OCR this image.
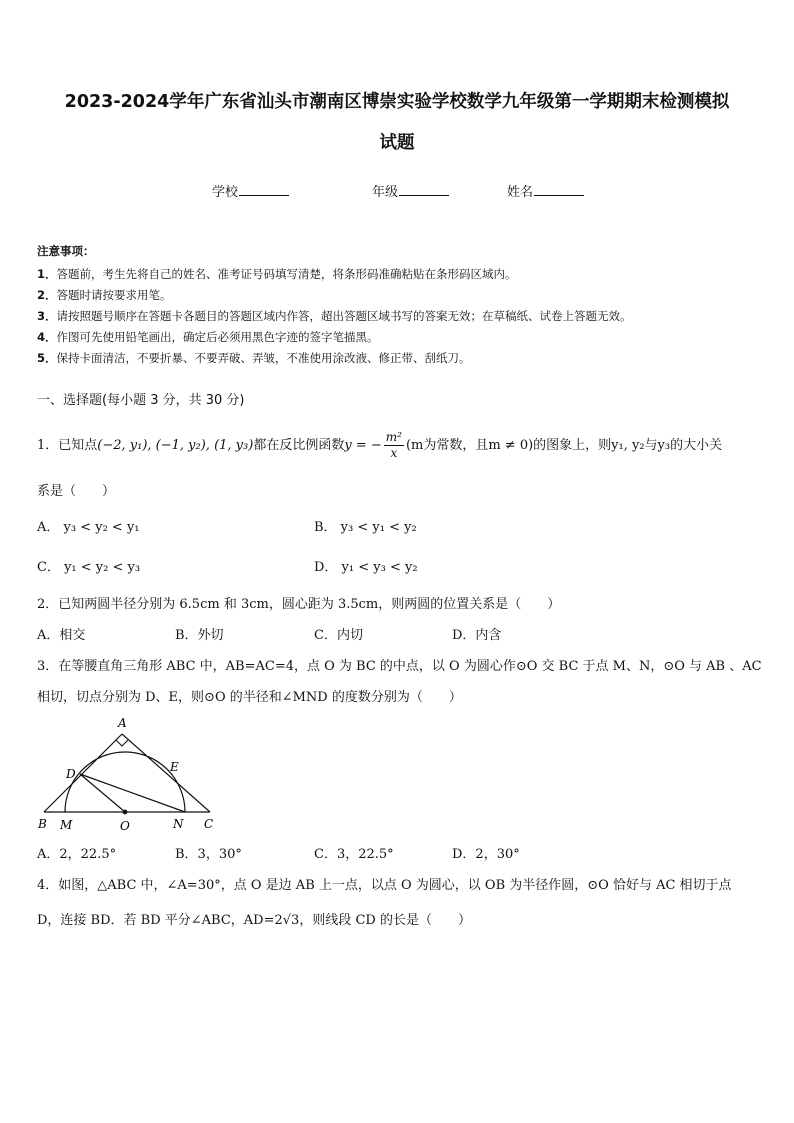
2023-2024学年广东省汕头市潮南区博崇实验学校数学九年级第一学期期末检测模拟
试题
学校	年级	姓名
注意事项：
1．答题前，考生先将自己的姓名、准考证号码填写清楚，将条形码准确粘贴在条形码区域内。
2．答题时请按要求用笔。
3．请按照题号顺序在答题卡各题目的答题区域内作答，超出答题区域书写的答案无效；在草稿纸、试卷上答题无效。
4．作图可先使用铅笔画出，确定后必须用黑色字迹的签字笔描黑。
5．保持卡面清洁，不要折暴、不要弄破、弄皱，不准使用涂改液、修正带、刮纸刀。
一、选择题(每小题 3 分，共 30 分)
1．已知点(−2, y₁), (−1, y₂), (1, y₃)都在反比例函数y = − $\frac{\text{m²}}{x} (m$为常数，且m ≠ 0)的图象上，则y₁, y₂与y₃的大小关
系是（　　）
A． y₃ < y₂ < y₁	B． y₃ < y₁ < y₂
C． y₁ < y₂ < y₃	D． y₁ < y₃ < y₂
2．已知两圆半径分别为 6.5cm 和 3cm，圆心距为 3.5cm，则两圆的位置关系是（　　）
A．相交	B．外切	C．内切	D．内含
3．在等腰直角三角形 ABC 中，AB=AC=4，点 O 为 BC 的中点，以 O 为圆心作⊙O 交 BC 于点 M、N，⊙O 与 AB 、AC
相切，切点分别为 D、E，则⊙O 的半径和∠MND 的度数分别为（　　）
A
D	E
B M	O	N C
A．2，22.5°	B．3，30°	C．3，22.5°	D．2，30°
4．如图，△ABC 中，∠A=30°，点 O 是边 AB 上一点，以点 O 为圆心，以 OB 为半径作圆，⊙O 恰好与 AC 相切于点
D，连接 BD．若 BD 平分∠ABC，AD=2√3，则线段 CD 的长是（　　）
